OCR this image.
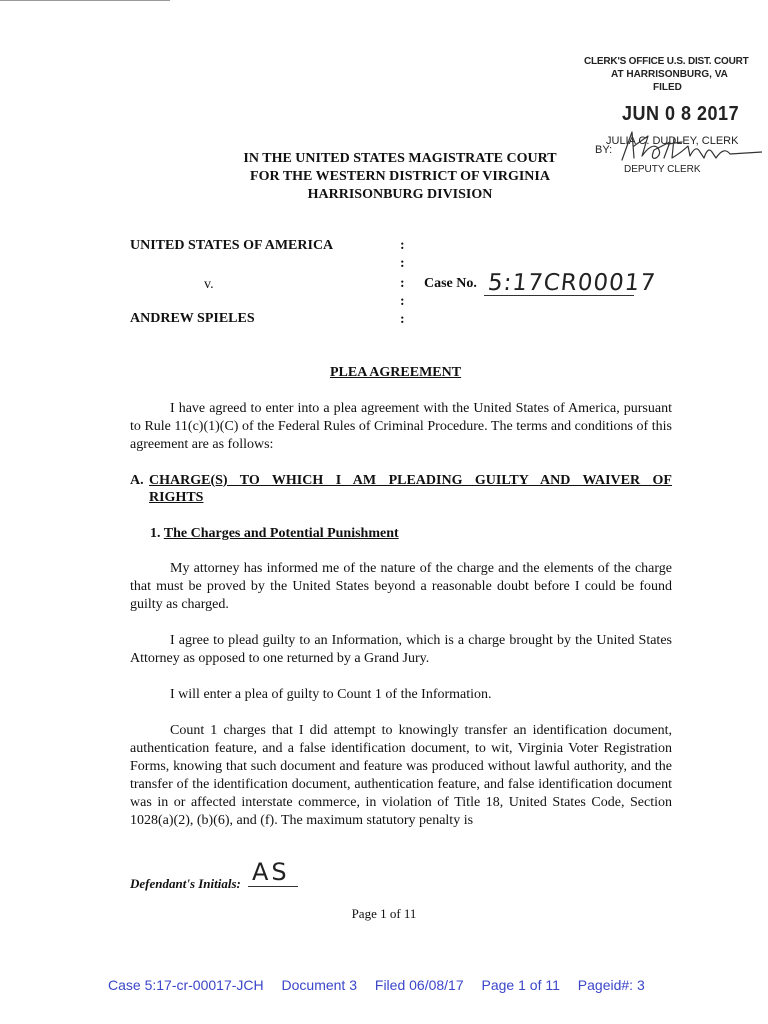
CLERK'S OFFICE U.S. DIST. COURT
AT HARRISONBURG, VA
FILED
JUN 0 8 2017
JULIA C. DUDLEY, CLERK
BY:
DEPUTY CLERK
IN THE UNITED STATES MAGISTRATE COURT
FOR THE WESTERN DISTRICT OF VIRGINIA
HARRISONBURG DIVISION
UNITED STATES OF AMERICA
v.
ANDREW SPIELES
:
:
:
:
:
Case No. 5:17CR00017
PLEA AGREEMENT
I have agreed to enter into a plea agreement with the United States of America, pursuant to Rule 11(c)(1)(C) of the Federal Rules of Criminal Procedure. The terms and conditions of this agreement are as follows:
A. CHARGE(S) TO WHICH I AM PLEADING GUILTY AND WAIVER OF
RIGHTS
1. The Charges and Potential Punishment
My attorney has informed me of the nature of the charge and the elements of the charge that must be proved by the United States beyond a reasonable doubt before I could be found guilty as charged.
I agree to plead guilty to an Information, which is a charge brought by the United States Attorney as opposed to one returned by a Grand Jury.
I will enter a plea of guilty to Count 1 of the Information.
Count 1 charges that I did attempt to knowingly transfer an identification document, authentication feature, and a false identification document, to wit, Virginia Voter Registration Forms, knowing that such document and feature was produced without lawful authority, and the transfer of the identification document, authentication feature, and false identification document was in or affected interstate commerce, in violation of Title 18, United States Code, Section 1028(a)(2), (b)(6), and (f). The maximum statutory penalty is
Defendant's Initials: AS
Page 1 of 11
Case 5:17-cr-00017-JCH Document 3 Filed 06/08/17 Page 1 of 11 Pageid#: 3
